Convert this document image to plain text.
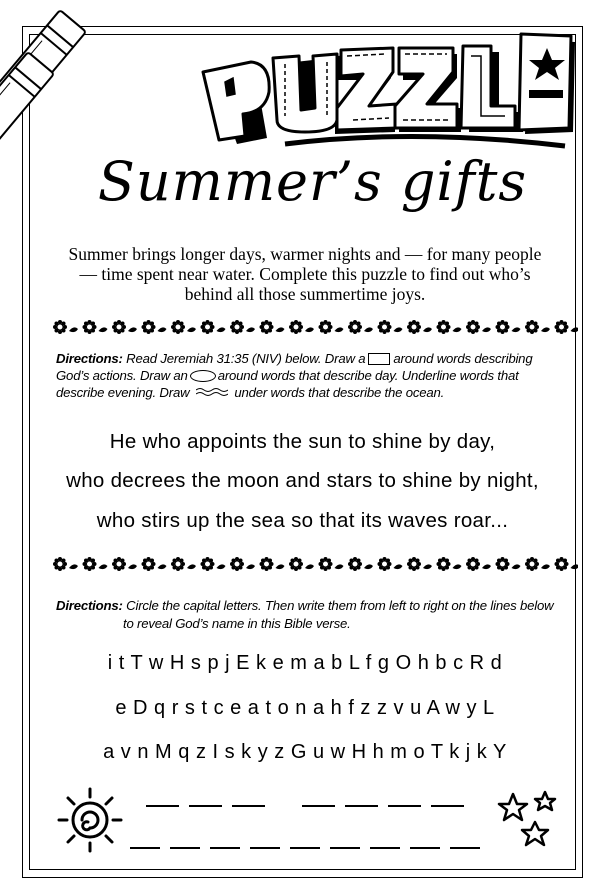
Summer’s gifts
Summer brings longer days, warmer nights and — for many people — time spent near water. Complete this puzzle to find out who’s behind all those summertime joys.
Directions: Read Jeremiah 31:35 (NIV) below. Draw a around words describing God’s actions. Draw an around words that describe day. Underline words that describe evening. Draw	under words that describe the ocean.
He who appoints the sun to shine by day,
who decrees the moon and stars to shine by night,
who stirs up the sea so that its waves roar...
Directions: Circle the capital letters. Then write them from left to right on the lines below
to reveal God’s name in this Bible verse.
i t T w H s p j E k e m a b L f g O h b c R d
e D q r s t c e a t o n a h f z z v u A w y L
a v n M q z I s k y z G u w H h m o T k j k Y
